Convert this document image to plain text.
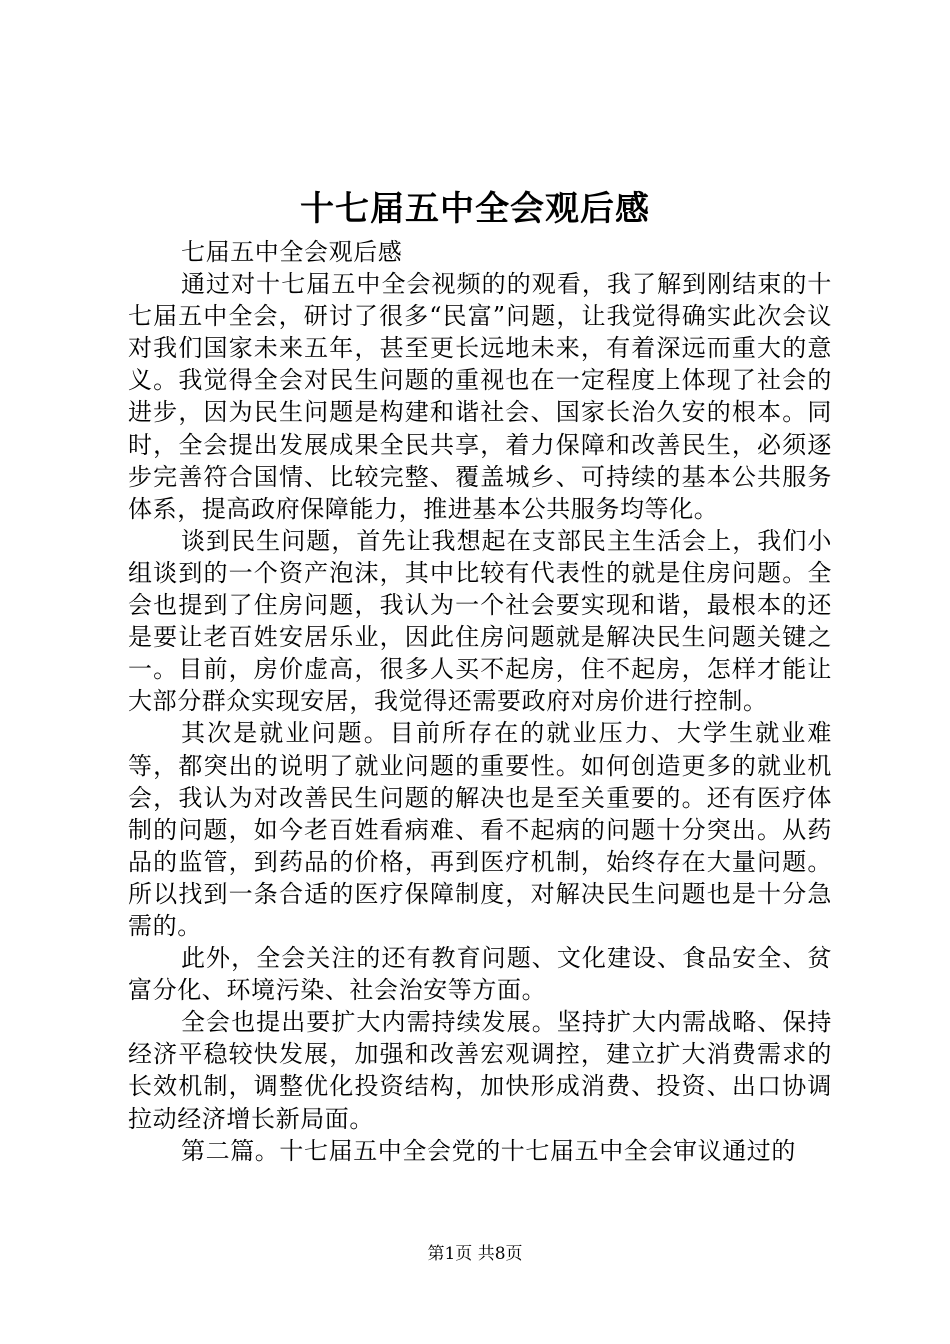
十七届五中全会观后感

七届五中全会观后感

通过对十七届五中全会视频的的观看，我了解到刚结束的十七届五中全会，研讨了很多“民富”问题，让我觉得确实此次会议对我们国家未来五年，甚至更长远地未来，有着深远而重大的意义。我觉得全会对民生问题的重视也在一定程度上体现了社会的进步，因为民生问题是构建和谐社会、国家长治久安的根本。同时，全会提出发展成果全民共享，着力保障和改善民生，必须逐步完善符合国情、比较完整、覆盖城乡、可持续的基本公共服务体系，提高政府保障能力，推进基本公共服务均等化。

谈到民生问题，首先让我想起在支部民主生活会上，我们小组谈到的一个资产泡沫，其中比较有代表性的就是住房问题。全会也提到了住房问题，我认为一个社会要实现和谐，最根本的还是要让老百姓安居乐业，因此住房问题就是解决民生问题关键之一。目前，房价虚高，很多人买不起房，住不起房，怎样才能让大部分群众实现安居，我觉得还需要政府对房价进行控制。

其次是就业问题。目前所存在的就业压力、大学生就业难等，都突出的说明了就业问题的重要性。如何创造更多的就业机会，我认为对改善民生问题的解决也是至关重要的。还有医疗体制的问题，如今老百姓看病难、看不起病的问题十分突出。从药品的监管，到药品的价格，再到医疗机制，始终存在大量问题。所以找到一条合适的医疗保障制度，对解决民生问题也是十分急需的。

此外，全会关注的还有教育问题、文化建设、食品安全、贫富分化、环境污染、社会治安等方面。

全会也提出要扩大内需持续发展。坚持扩大内需战略、保持经济平稳较快发展，加强和改善宏观调控，建立扩大消费需求的长效机制，调整优化投资结构，加快形成消费、投资、出口协调拉动经济增长新局面。

第二篇。十七届五中全会党的十七届五中全会审议通过的

第1页 共8页
